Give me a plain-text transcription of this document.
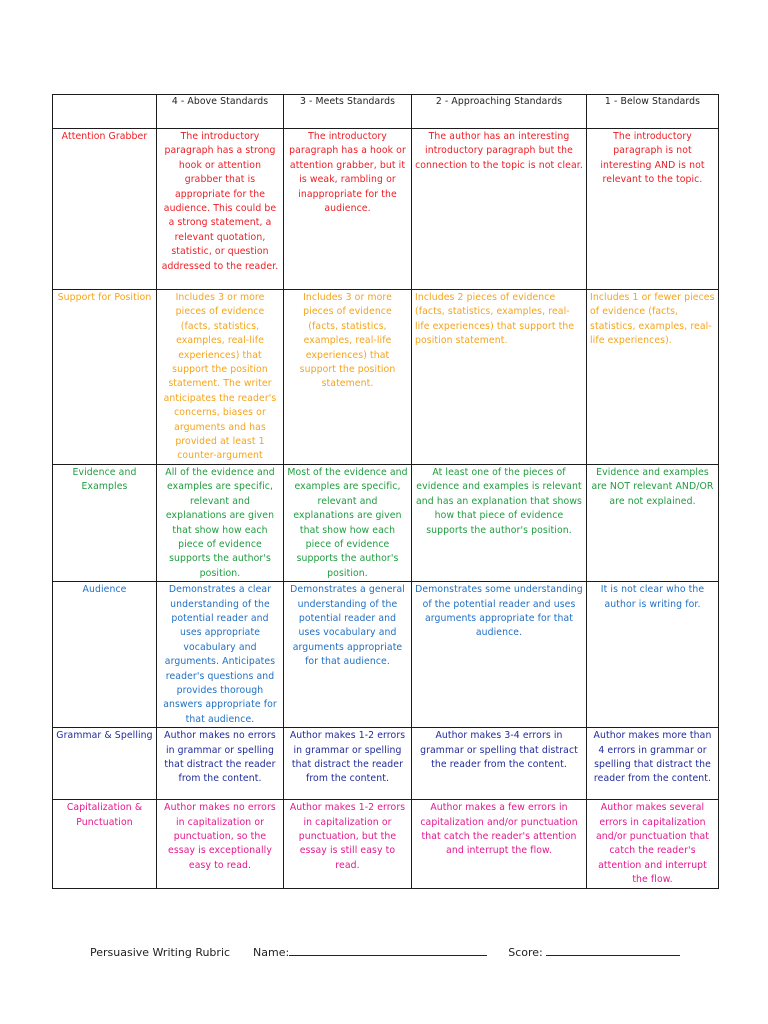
	4 - Above Standards	3 - Meets Standards	2 - Approaching Standards	1 - Below Standards
Attention Grabber	The introductory paragraph has a strong hook or attention grabber that is appropriate for the audience. This could be a strong statement, a relevant quotation, statistic, or question addressed to the reader.	The introductory paragraph has a hook or attention grabber, but it is weak, rambling or inappropriate for the audience.	The author has an interesting introductory paragraph but the connection to the topic is not clear.	The introductory paragraph is not interesting AND is not relevant to the topic.
Support for Position	Includes 3 or more pieces of evidence (facts, statistics, examples, real-life experiences) that support the position statement. The writer anticipates the reader's concerns, biases or arguments and has provided at least 1 counter-argument	Includes 3 or more pieces of evidence (facts, statistics, examples, real-life experiences) that support the position statement.	Includes 2 pieces of evidence (facts, statistics, examples, real-life experiences) that support the position statement.	Includes 1 or fewer pieces of evidence (facts, statistics, examples, real-life experiences).
Evidence and Examples	All of the evidence and examples are specific, relevant and explanations are given that show how each piece of evidence supports the author's position.	Most of the evidence and examples are specific, relevant and explanations are given that show how each piece of evidence supports the author's position.	At least one of the pieces of evidence and examples is relevant and has an explanation that shows how that piece of evidence supports the author's position.	Evidence and examples are NOT relevant AND/OR are not explained.
Audience	Demonstrates a clear understanding of the potential reader and uses appropriate vocabulary and arguments. Anticipates reader's questions and provides thorough answers appropriate for that audience.	Demonstrates a general understanding of the potential reader and uses vocabulary and arguments appropriate for that audience.	Demonstrates some understanding of the potential reader and uses arguments appropriate for that audience.	It is not clear who the author is writing for.
Grammar & Spelling	Author makes no errors in grammar or spelling that distract the reader from the content.	Author makes 1-2 errors in grammar or spelling that distract the reader from the content.	Author makes 3-4 errors in grammar or spelling that distract the reader from the content.	Author makes more than 4 errors in grammar or spelling that distract the reader from the content.
Capitalization & Punctuation	Author makes no errors in capitalization or punctuation, so the essay is exceptionally easy to read.	Author makes 1-2 errors in capitalization or punctuation, but the essay is still easy to read.	Author makes a few errors in capitalization and/or punctuation that catch the reader's attention and interrupt the flow.	Author makes several errors in capitalization and/or punctuation that catch the reader's attention and interrupt the flow.
Persuasive Writing Rubric Name:	Score:
